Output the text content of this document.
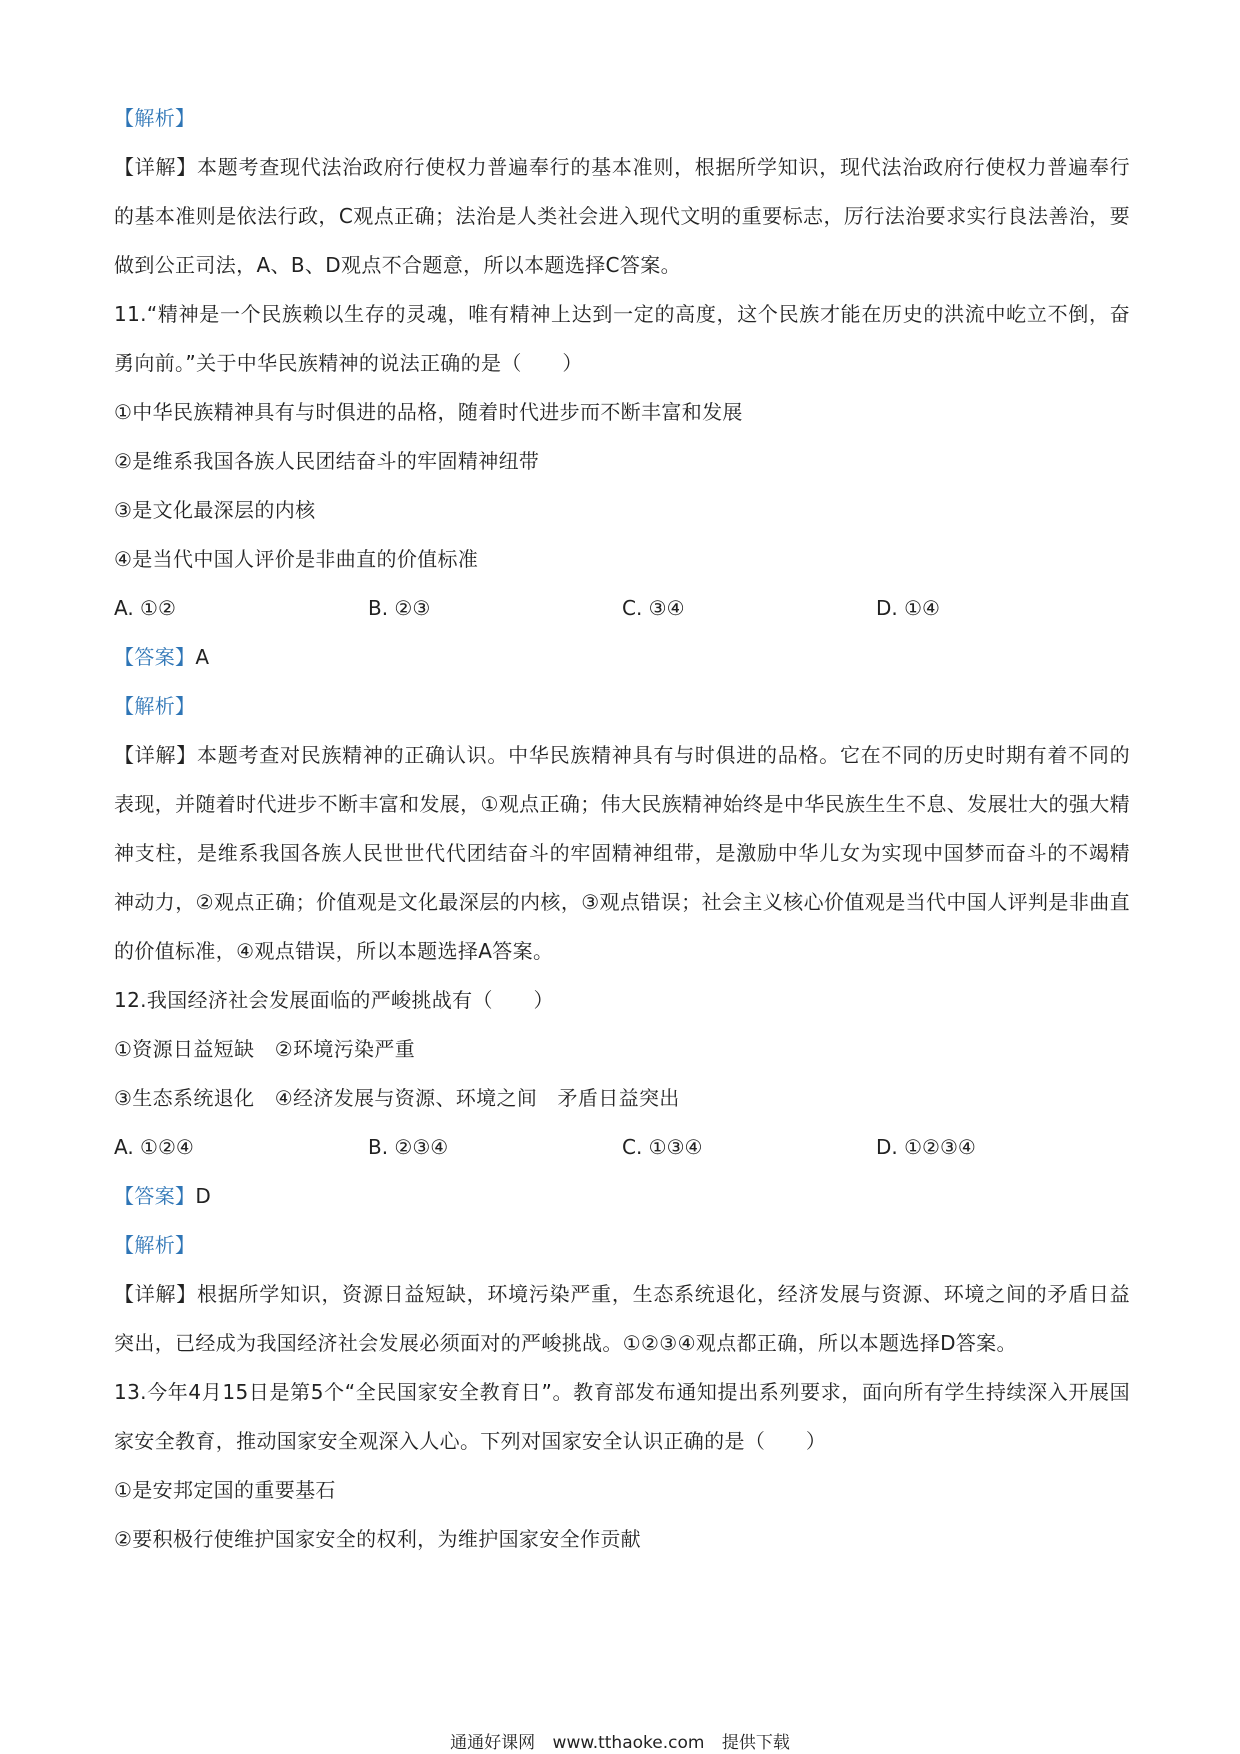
【解析】
【详解】本题考查现代法治政府行使权力普遍奉行的基本准则，根据所学知识，现代法治政府行使权力普遍奉行的基本准则是依法行政，C观点正确；法治是人类社会进入现代文明的重要标志，厉行法治要求实行良法善治，要做到公正司法，A、B、D观点不合题意，所以本题选择C答案。
11.“精神是一个民族赖以生存的灵魂，唯有精神上达到一定的高度，这个民族才能在历史的洪流中屹立不倒，奋勇向前。”关于中华民族精神的说法正确的是（　　）
①中华民族精神具有与时俱进的品格，随着时代进步而不断丰富和发展
②是维系我国各族人民团结奋斗的牢固精神纽带
③是文化最深层的内核
④是当代中国人评价是非曲直的价值标准
A. ①②	B. ②③	C. ③④	D. ①④
【答案】A
【解析】
【详解】本题考查对民族精神的正确认识。中华民族精神具有与时俱进的品格。它在不同的历史时期有着不同的表现，并随着时代进步不断丰富和发展，①观点正确；伟大民族精神始终是中华民族生生不息、发展壮大的强大精神支柱，是维系我国各族人民世世代代团结奋斗的牢固精神组带，是激励中华儿女为实现中国梦而奋斗的不竭精神动力，②观点正确；价值观是文化最深层的内核，③观点错误；社会主义核心价值观是当代中国人评判是非曲直的价值标准，④观点错误，所以本题选择A答案。
12.我国经济社会发展面临的严峻挑战有（　　）
①资源日益短缺　②环境污染严重
③生态系统退化　④经济发展与资源、环境之间　矛盾日益突出
A. ①②④	B. ②③④	C. ①③④	D. ①②③④
【答案】D
【解析】
【详解】根据所学知识，资源日益短缺，环境污染严重，生态系统退化，经济发展与资源、环境之间的矛盾日益突出，已经成为我国经济社会发展必须面对的严峻挑战。①②③④观点都正确，所以本题选择D答案。
13.今年4月15日是第5个“全民国家安全教育日”。教育部发布通知提出系列要求，面向所有学生持续深入开展国家安全教育，推动国家安全观深入人心。下列对国家安全认识正确的是（　　）
①是安邦定国的重要基石
②要积极行使维护国家安全的权利，为维护国家安全作贡献
通通好课网 www.tthaoke.com 提供下载
